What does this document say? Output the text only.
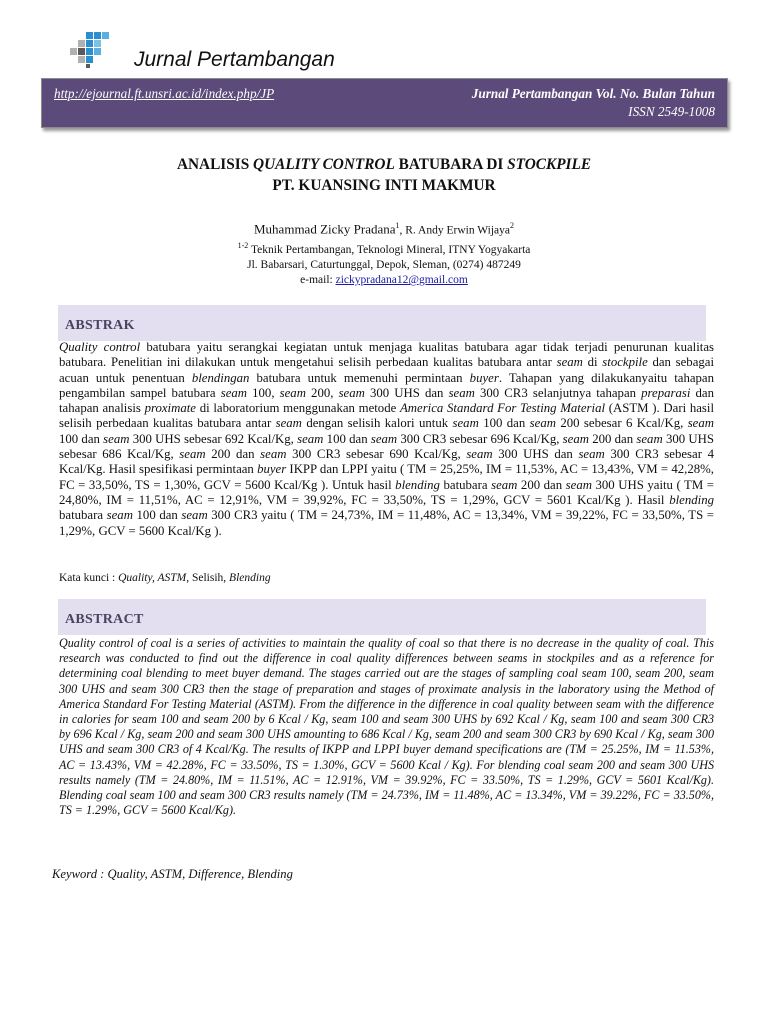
Jurnal Pertambangan
http://ejournal.ft.unsri.ac.id/index.php/JP	Jurnal Pertambangan Vol. No. Bulan Tahun
ISSN 2549-1008
ANALISIS QUALITY CONTROL BATUBARA DI STOCKPILE
PT. KUANSING INTI MAKMUR
Muhammad Zicky Pradana$^1$, R. Andy Erwin Wijaya$^2$
$^{1-2}$ Teknik Pertambangan, Teknologi Mineral, ITNY Yogyakarta
Jl. Babarsari, Caturtunggal, Depok, Sleman, (0274) 487249
e-mail: zickypradana12@gmail.com
ABSTRAK
Quality control batubara yaitu serangkai kegiatan untuk menjaga kualitas batubara agar tidak terjadi penurunan kualitas batubara. Penelitian ini dilakukan untuk mengetahui selisih perbedaan kualitas batubara antar seam di stockpile dan sebagai acuan untuk penentuan blendingan batubara untuk memenuhi permintaan buyer. Tahapan yang dilakukanyaitu tahapan pengambilan sampel batubara seam 100, seam 200, seam 300 UHS dan seam 300 CR3 selanjutnya tahapan preparasi dan tahapan analisis proximate di laboratorium menggunakan metode America Standard For Testing Material (ASTM ). Dari hasil selisih perbedaan kualitas batubara antar seam dengan selisih kalori untuk seam 100 dan seam 200 sebesar 6 Kcal/Kg, seam 100 dan seam 300 UHS sebesar 692 Kcal/Kg, seam 100 dan seam 300 CR3 sebesar 696 Kcal/Kg, seam 200 dan seam 300 UHS sebesar 686 Kcal/Kg, seam 200 dan seam 300 CR3 sebesar 690 Kcal/Kg, seam 300 UHS dan seam 300 CR3 sebesar 4 Kcal/Kg. Hasil spesifikasi permintaan buyer IKPP dan LPPI yaitu ( TM = 25,25%, IM = 11,53%, AC = 13,43%, VM = 42,28%, FC = 33,50%, TS = 1,30%, GCV = 5600 Kcal/Kg ). Untuk hasil blending batubara seam 200 dan seam 300 UHS yaitu ( TM = 24,80%, IM = 11,51%, AC = 12,91%, VM = 39,92%, FC = 33,50%, TS = 1,29%, GCV = 5601 Kcal/Kg ). Hasil blending batubara seam 100 dan seam 300 CR3 yaitu ( TM = 24,73%, IM = 11,48%, AC = 13,34%, VM = 39,22%, FC = 33,50%, TS = 1,29%, GCV = 5600 Kcal/Kg ).
Kata kunci : Quality, ASTM, Selisih, Blending
ABSTRACT
Quality control of coal is a series of activities to maintain the quality of coal so that there is no decrease in the quality of coal. This research was conducted to find out the difference in coal quality differences between seams in stockpiles and as a reference for determining coal blending to meet buyer demand. The stages carried out are the stages of sampling coal seam 100, seam 200, seam 300 UHS and seam 300 CR3 then the stage of preparation and stages of proximate analysis in the laboratory using the Method of America Standard For Testing Material (ASTM). From the difference in the difference in coal quality between seam with the difference in calories for seam 100 and seam 200 by 6 Kcal / Kg, seam 100 and seam 300 UHS by 692 Kcal / Kg, seam 100 and seam 300 CR3 by 696 Kcal / Kg, seam 200 and seam 300 UHS amounting to 686 Kcal / Kg, seam 200 and seam 300 CR3 by 690 Kcal / Kg, seam 300 UHS and seam 300 CR3 of 4 Kcal/Kg. The results of IKPP and LPPI buyer demand specifications are (TM = 25.25%, IM = 11.53%, AC = 13.43%, VM = 42.28%, FC = 33.50%, TS = 1.30%, GCV = 5600 Kcal / Kg). For blending coal seam 200 and seam 300 UHS results namely (TM = 24.80%, IM = 11.51%, AC = 12.91%, VM = 39.92%, FC = 33.50%, TS = 1.29%, GCV = 5601 Kcal/Kg). Blending coal seam 100 and seam 300 CR3 results namely (TM = 24.73%, IM = 11.48%, AC = 13.34%, VM = 39.22%, FC = 33.50%, TS = 1.29%, GCV = 5600 Kcal/Kg).
Keyword : Quality, ASTM, Difference, Blending
